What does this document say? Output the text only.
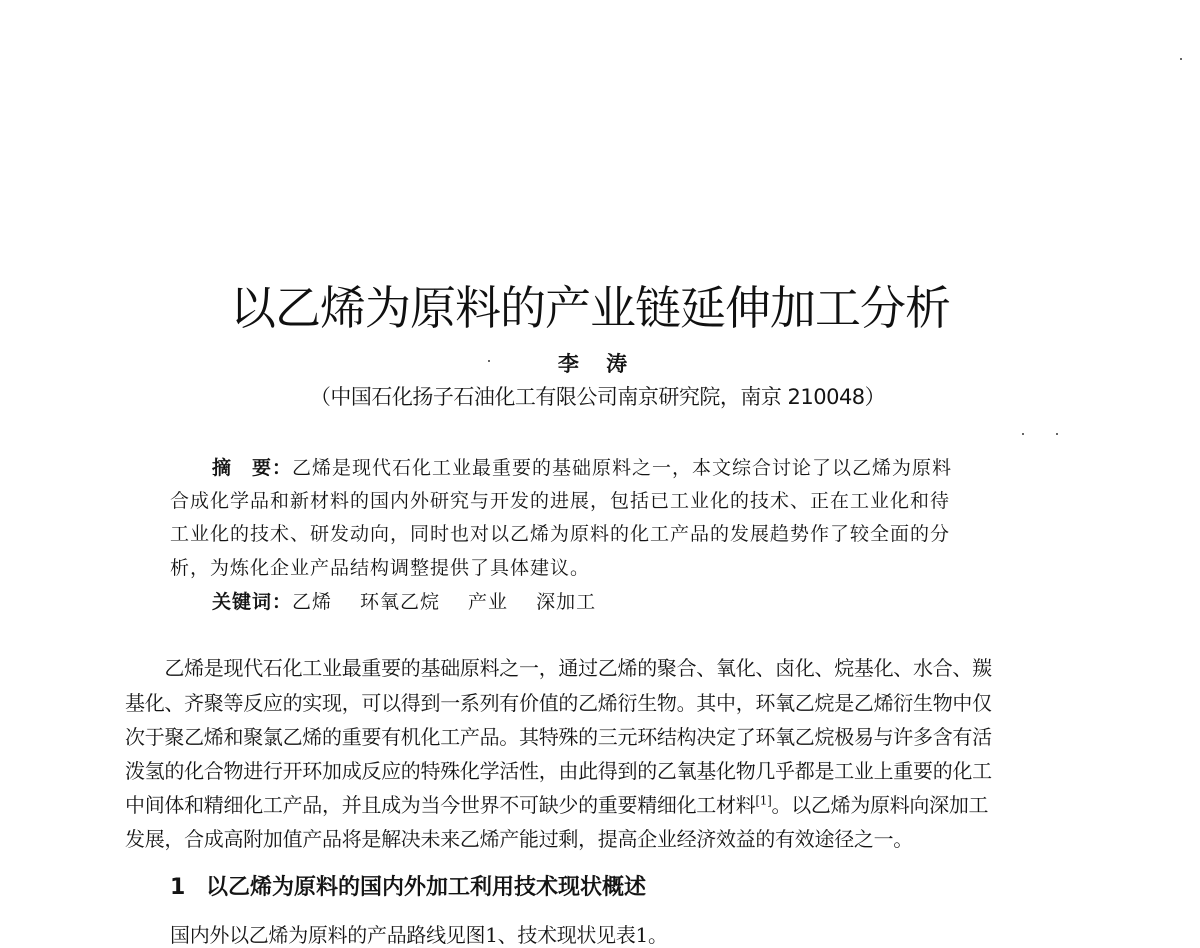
以乙烯为原料的产业链延伸加工分析
李 涛
（中国石化扬子石油化工有限公司南京研究院，南京 210048）
摘　要：乙烯是现代石化工业最重要的基础原料之一，本文综合讨论了以乙烯为原料
合成化学品和新材料的国内外研究与开发的进展，包括已工业化的技术、正在工业化和待
工业化的技术、研发动向，同时也对以乙烯为原料的化工产品的发展趋势作了较全面的分
析，为炼化企业产品结构调整提供了具体建议。
关键词：乙烯 环氧乙烷 产业 深加工
　　乙烯是现代石化工业最重要的基础原料之一，通过乙烯的聚合、氧化、卤化、烷基化、水合、羰
基化、齐聚等反应的实现，可以得到一系列有价值的乙烯衍生物。其中，环氧乙烷是乙烯衍生物中仅
次于聚乙烯和聚氯乙烯的重要有机化工产品。其特殊的三元环结构决定了环氧乙烷极易与许多含有活
泼氢的化合物进行开环加成反应的特殊化学活性，由此得到的乙氧基化物几乎都是工业上重要的化工
中间体和精细化工产品，并且成为当今世界不可缺少的重要精细化工材料[1]。以乙烯为原料向深加工
发展，合成高附加值产品将是解决未来乙烯产能过剩，提高企业经济效益的有效途径之一。
1 以乙烯为原料的国内外加工利用技术现状概述
国内外以乙烯为原料的产品路线见图1、技术现状见表1。
